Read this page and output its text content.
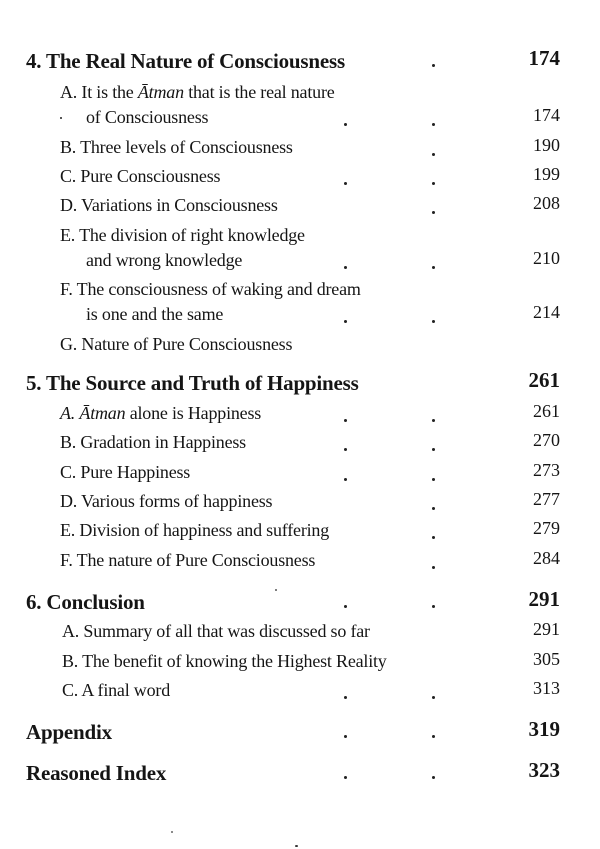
4. The Real Nature of Consciousness	174
A. It is the Ātman that is the real nature
of Consciousness	174
B. Three levels of Consciousness	190
C. Pure Consciousness	199
D. Variations in Consciousness	208
E. The division of right knowledge
and wrong knowledge	210
F. The consciousness of waking and dream
is one and the same	214
G. Nature of Pure Consciousness
5. The Source and Truth of Happiness	261
A. Ātman alone is Happiness	261
B. Gradation in Happiness	270
C. Pure Happiness	273
D. Various forms of happiness	277
E. Division of happiness and suffering	279
F. The nature of Pure Consciousness	284
6. Conclusion	291
A. Summary of all that was discussed so far	291
B. The benefit of knowing the Highest Reality	305
C. A final word	313
Appendix	319
Reasoned Index	323
